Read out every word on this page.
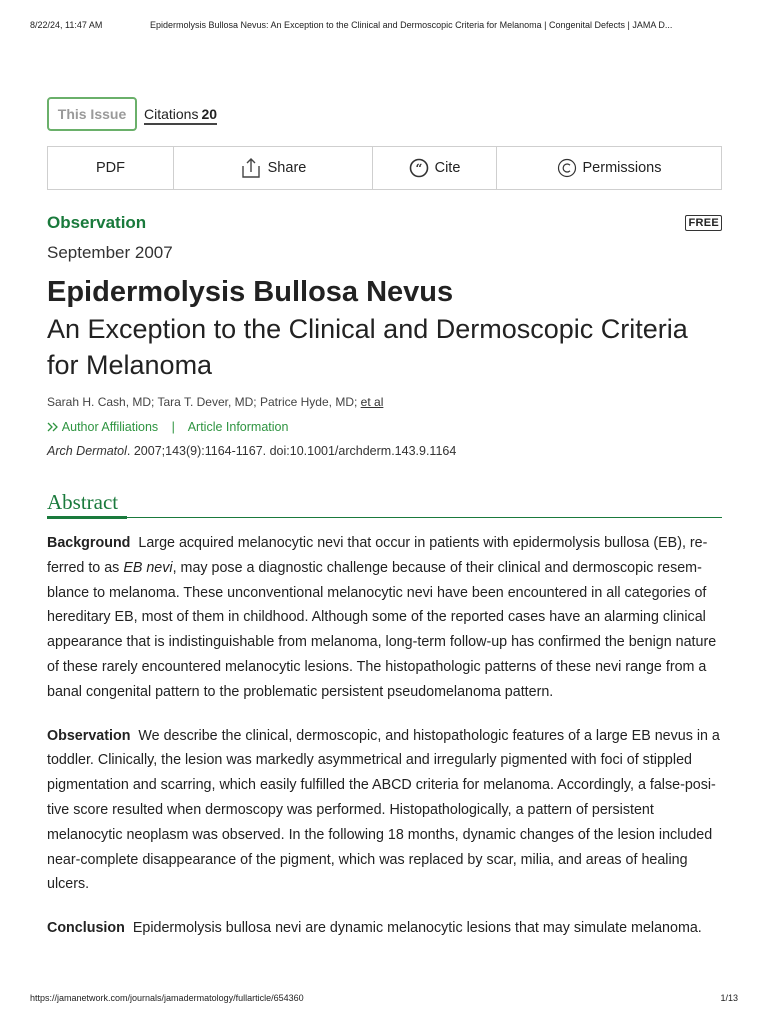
8/22/24, 11:47 AM	Epidermolysis Bullosa Nevus: An Exception to the Clinical and Dermoscopic Criteria for Melanoma | Congenital Defects | JAMA D...
This Issue	Citations 20
PDF	Share	“ Cite	Permissions
Observation	FREE
September 2007
Epidermolysis Bullosa Nevus
An Exception to the Clinical and Dermoscopic Criteria for Melanoma
Sarah H. Cash, MD; Tara T. Dever, MD; Patrice Hyde, MD; et al
Author Affiliations | Article Information
Arch Dermatol. 2007;143(9):1164-1167. doi:10.1001/archderm.143.9.1164
Abstract

Background Large acquired melanocytic nevi that occur in patients with epidermolysis bullosa (EB), re- ferred to as EB nevi, may pose a diagnostic challenge because of their clinical and dermoscopic resem- blance to melanoma. These unconventional melanocytic nevi have been encountered in all categories of hereditary EB, most of them in childhood. Although some of the reported cases have an alarming clinical appearance that is indistinguishable from melanoma, long-term follow-up has confirmed the benign nature of these rarely encountered melanocytic lesions. The histopathologic patterns of these nevi range from a banal congenital pattern to the problematic persistent pseudomelanoma pattern.

Observation We describe the clinical, dermoscopic, and histopathologic features of a large EB nevus in a toddler. Clinically, the lesion was markedly asymmetrical and irregularly pigmented with foci of stippled pigmentation and scarring, which easily fulfilled the ABCD criteria for melanoma. Accordingly, a false-posi- tive score resulted when dermoscopy was performed. Histopathologically, a pattern of persistent melanocytic neoplasm was observed. In the following 18 months, dynamic changes of the lesion included near-complete disappearance of the pigment, which was replaced by scar, milia, and areas of healing ulcers.

Conclusion Epidermolysis bullosa nevi are dynamic melanocytic lesions that may simulate melanoma.

https://jamanetwork.com/journals/jamadermatology/fullarticle/654360	1/13
